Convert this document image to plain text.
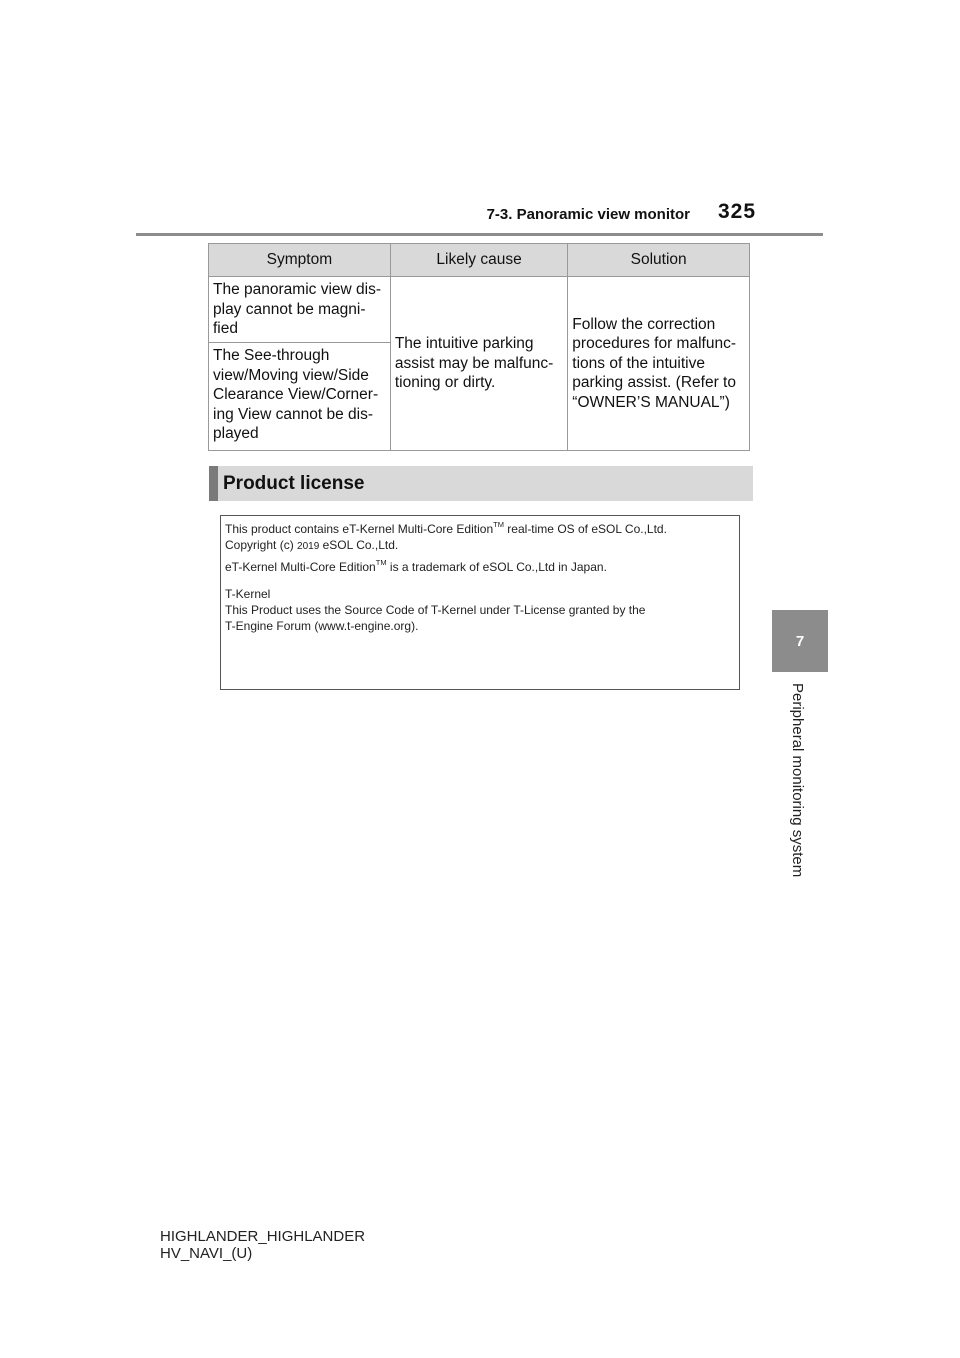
7-3. Panoramic view monitor 325
7
Peripheral monitoring system
Symptom	Likely cause	Solution
The panoramic view dis- play cannot be magni- fied	The intuitive parking assist may be malfunc- tioning or dirty.	Follow the correction procedures for malfunc- tions of the intuitive parking assist. (Refer to “OWNER’S MANUAL”)
The See-through view/Moving view/Side Clearance View/Corner- ing View cannot be dis- played		
Product license

This product contains eT-Kernel Multi-Core Edition™ real-time OS of eSOL Co.,Ltd.

Copyright (c) 2019 eSOL Co.,Ltd.

eT-Kernel Multi-Core Edition™ is a trademark of eSOL Co.,Ltd in Japan.

T-Kernel

This Product uses the Source Code of T-Kernel under T-License granted by the

T-Engine Forum (www.t-engine.org).

HIGHLANDER_HIGHLANDER
HV_NAVI_(U)
